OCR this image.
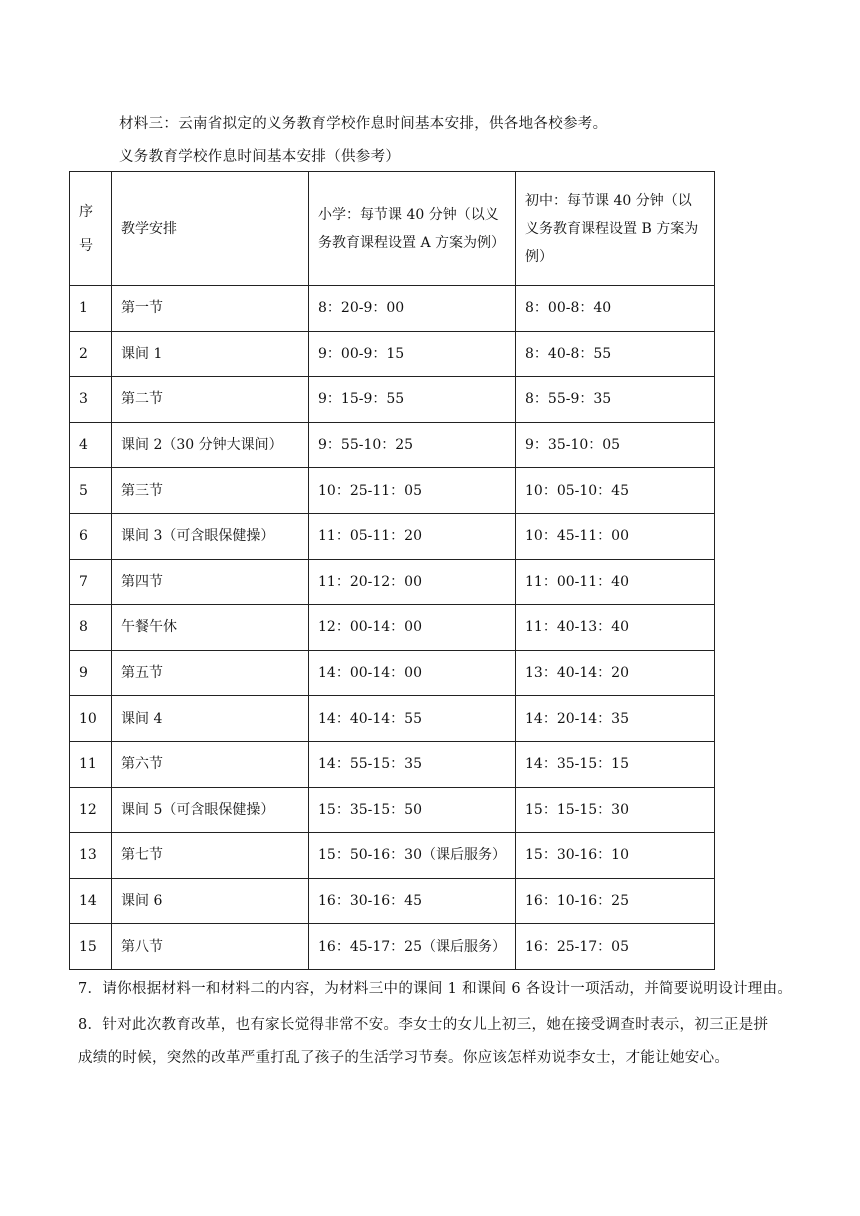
材料三：云南省拟定的义务教育学校作息时间基本安排，供各地各校参考。
义务教育学校作息时间基本安排（供参考）
序
号	教学安排	小学：每节课 40 分钟（以义务教育课程设置 A 方案为例）	初中：每节课 40 分钟（以义务教育课程设置 B 方案为例）
1	第一节	8：20-9：00	8：00-8：40
2	课间 1	9：00-9：15	8：40-8：55
3	第二节	9：15-9：55	8：55-9：35
4	课间 2（30 分钟大课间）	9：55-10：25	9：35-10：05
5	第三节	10：25-11：05	10：05-10：45
6	课间 3（可含眼保健操）	11：05-11：20	10：45-11：00
7	第四节	11：20-12：00	11：00-11：40
8	午餐午休	12：00-14：00	11：40-13：40
9	第五节	14：00-14：00	13：40-14：20
10	课间 4	14：40-14：55	14：20-14：35
11	第六节	14：55-15：35	14：35-15：15
12	课间 5（可含眼保健操）	15：35-15：50	15：15-15：30
13	第七节	15：50-16：30（课后服务）	15：30-16：10
14	课间 6	16：30-16：45	16：10-16：25
15	第八节	16：45-17：25（课后服务）	16：25-17：05
7．请你根据材料一和材料二的内容，为材料三中的课间 1 和课间 6 各设计一项活动，并简要说明设计理由。
8．针对此次教育改革，也有家长觉得非常不安。李女士的女儿上初三，她在接受调查时表示，初三正是拼
成绩的时候，突然的改革严重打乱了孩子的生活学习节奏。你应该怎样劝说李女士，才能让她安心。
